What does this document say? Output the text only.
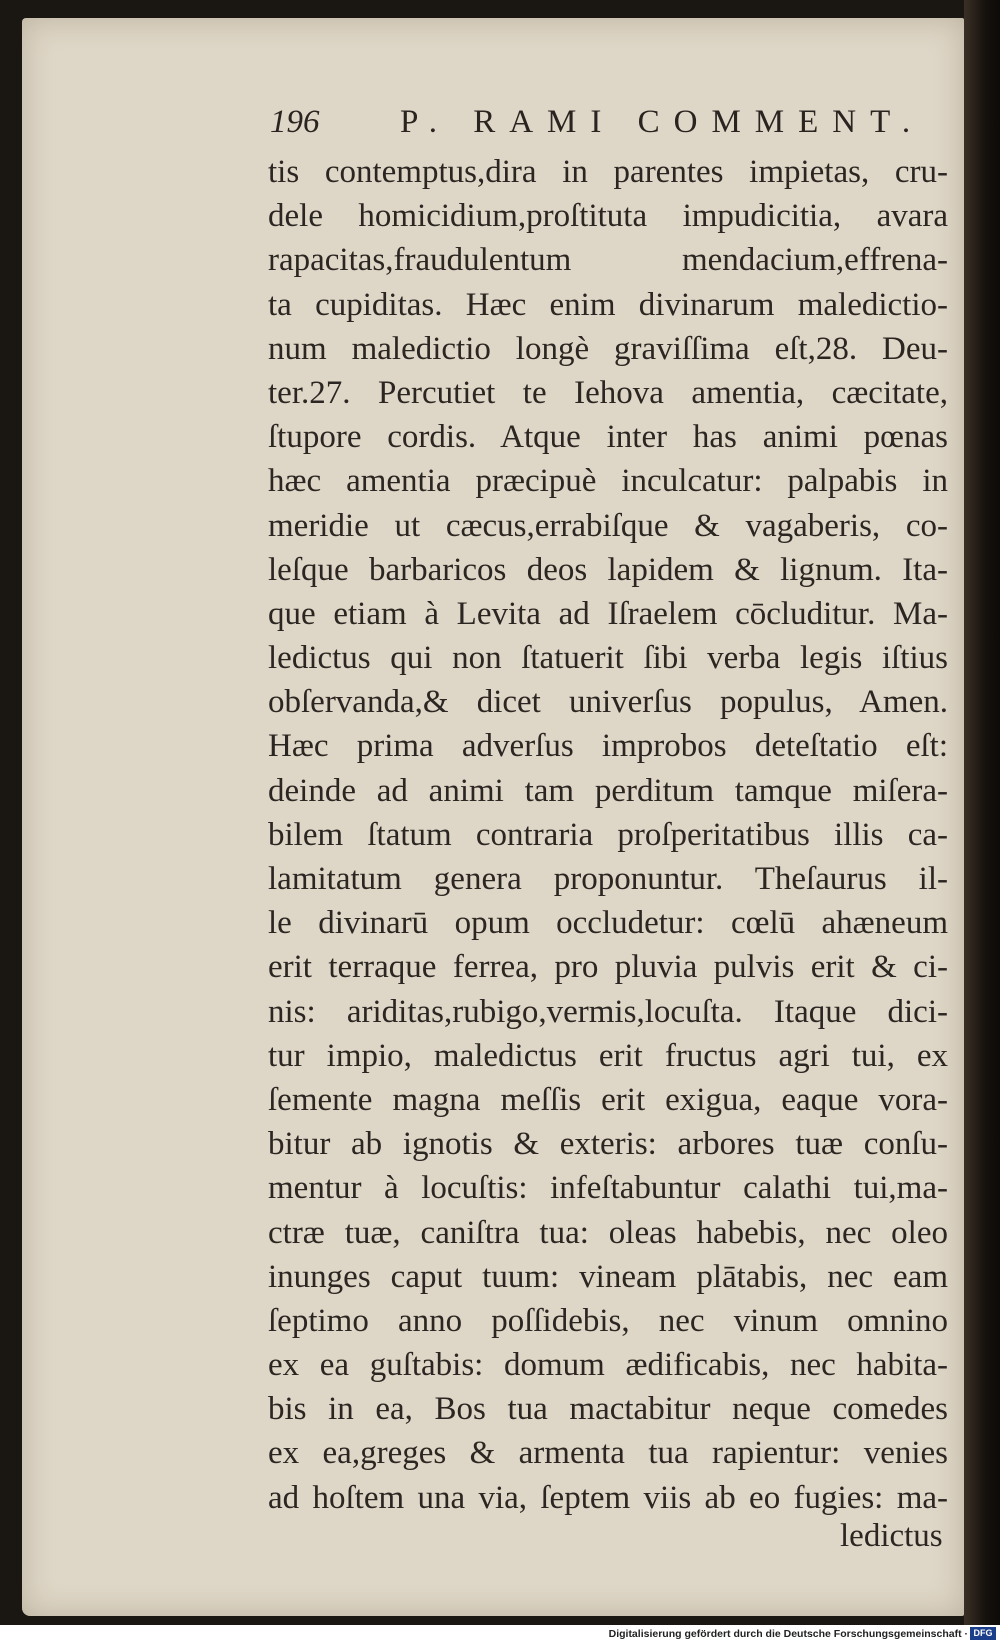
196 P. RAMI COMMENT.
tis contemptus,dira in parentes impietas, cru-
dele homicidium,proſtituta impudicitia, avara
rapacitas,fraudulentum mendacium,effrena-
ta cupiditas. Hæc enim divinarum maledictio-
num maledictio longè graviſſima eſt,28. Deu-
ter.27. Percutiet te Iehova amentia, cæcitate,
ſtupore cordis. Atque inter has animi pœnas
hæc amentia præcipuè inculcatur: palpabis in
meridie ut cæcus,errabiſque & vagaberis, co-
leſque barbaricos deos lapidem & lignum. Ita-
que etiam à Levita ad Iſraelem cōcluditur. Ma-
ledictus qui non ſtatuerit ſibi verba legis iſtius
obſervanda,& dicet univerſus populus, Amen.
Hæc prima adverſus improbos deteſtatio eſt:
deinde ad animi tam perditum tamque miſera-
bilem ſtatum contraria proſperitatibus illis ca-
lamitatum genera proponuntur. Theſaurus il-
le divinarū opum occludetur: cœlū ahæneum
erit terraque ferrea, pro pluvia pulvis erit & ci-
nis: ariditas,rubigo,vermis,locuſta. Itaque dici-
tur impio, maledictus erit fructus agri tui, ex
ſemente magna meſſis erit exigua, eaque vora-
bitur ab ignotis & exteris: arbores tuæ conſu-
mentur à locuſtis: infeſtabuntur calathi tui,ma-
ctræ tuæ, caniſtra tua: oleas habebis, nec oleo
inunges caput tuum: vineam plātabis, nec eam
ſeptimo anno poſſidebis, nec vinum omnino
ex ea guſtabis: domum ædificabis, nec habita-
bis in ea, Bos tua mactabitur neque comedes
ex ea,greges & armenta tua rapientur: venies
ad hoſtem una via, ſeptem viis ab eo fugies: ma-
ledictus
Digitalisierung gefördert durch die Deutsche Forschungsgemeinschaft · DFG
